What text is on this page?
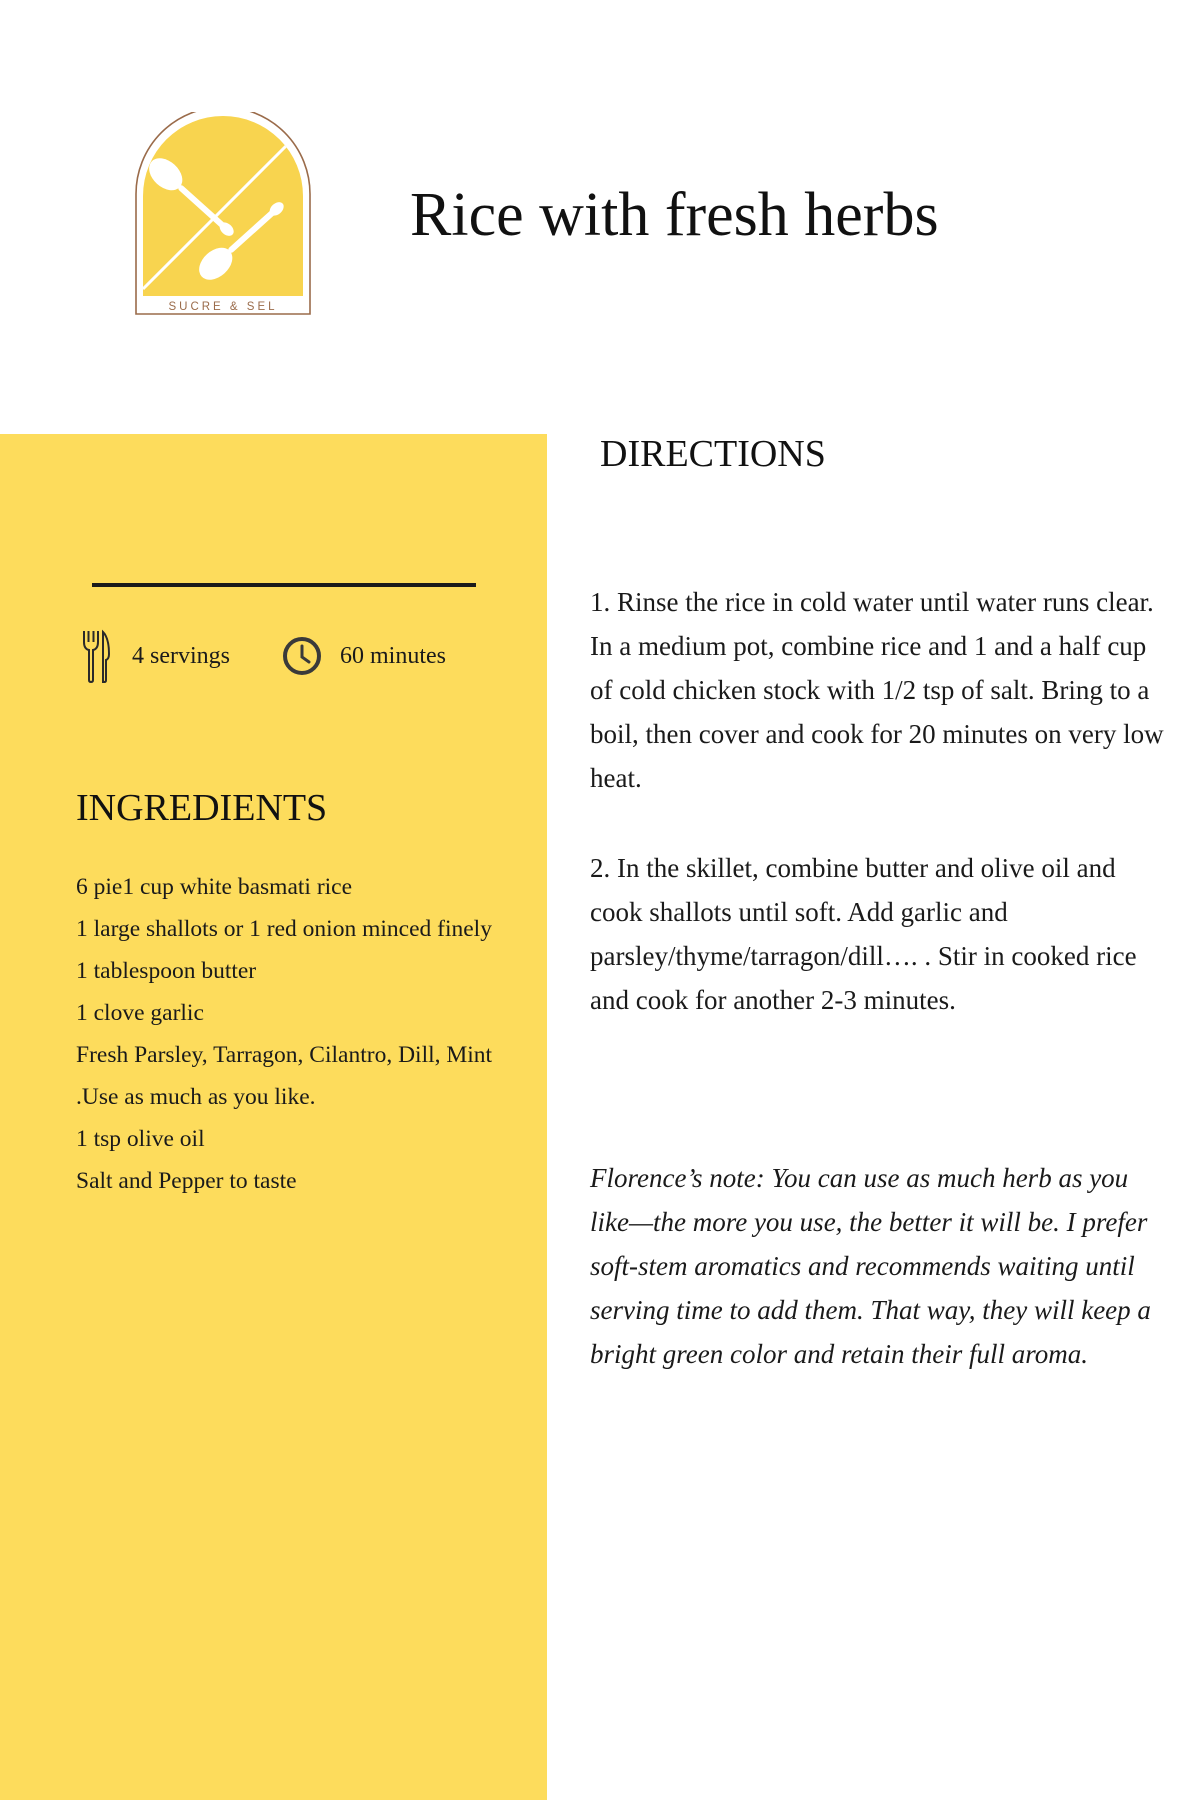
SUCRE & SEL
Rice with fresh herbs
4 servings	60 minutes
INGREDIENTS
6 pie1 cup white basmati rice
1 large shallots or 1 red onion minced finely
1 tablespoon butter
1 clove garlic
Fresh Parsley, Tarragon, Cilantro, Dill, Mint
.Use as much as you like.
1 tsp olive oil
Salt and Pepper to taste
DIRECTIONS

1. Rinse the rice in cold water until water runs clear. In a medium pot, combine rice and 1 and a half cup of cold chicken stock with 1/2 tsp of salt. Bring to a boil, then cover and cook for 20 minutes on very low heat.

2. In the skillet, combine butter and olive oil and cook shallots until soft. Add garlic and parsley/thyme/tarragon/dill…. . Stir in cooked rice and cook for another 2-3 minutes.

Florence’s note: You can use as much herb as you like—the more you use, the better it will be. I prefer soft-stem aromatics and recommends waiting until serving time to add them. That way, they will keep a bright green color and retain their full aroma.
